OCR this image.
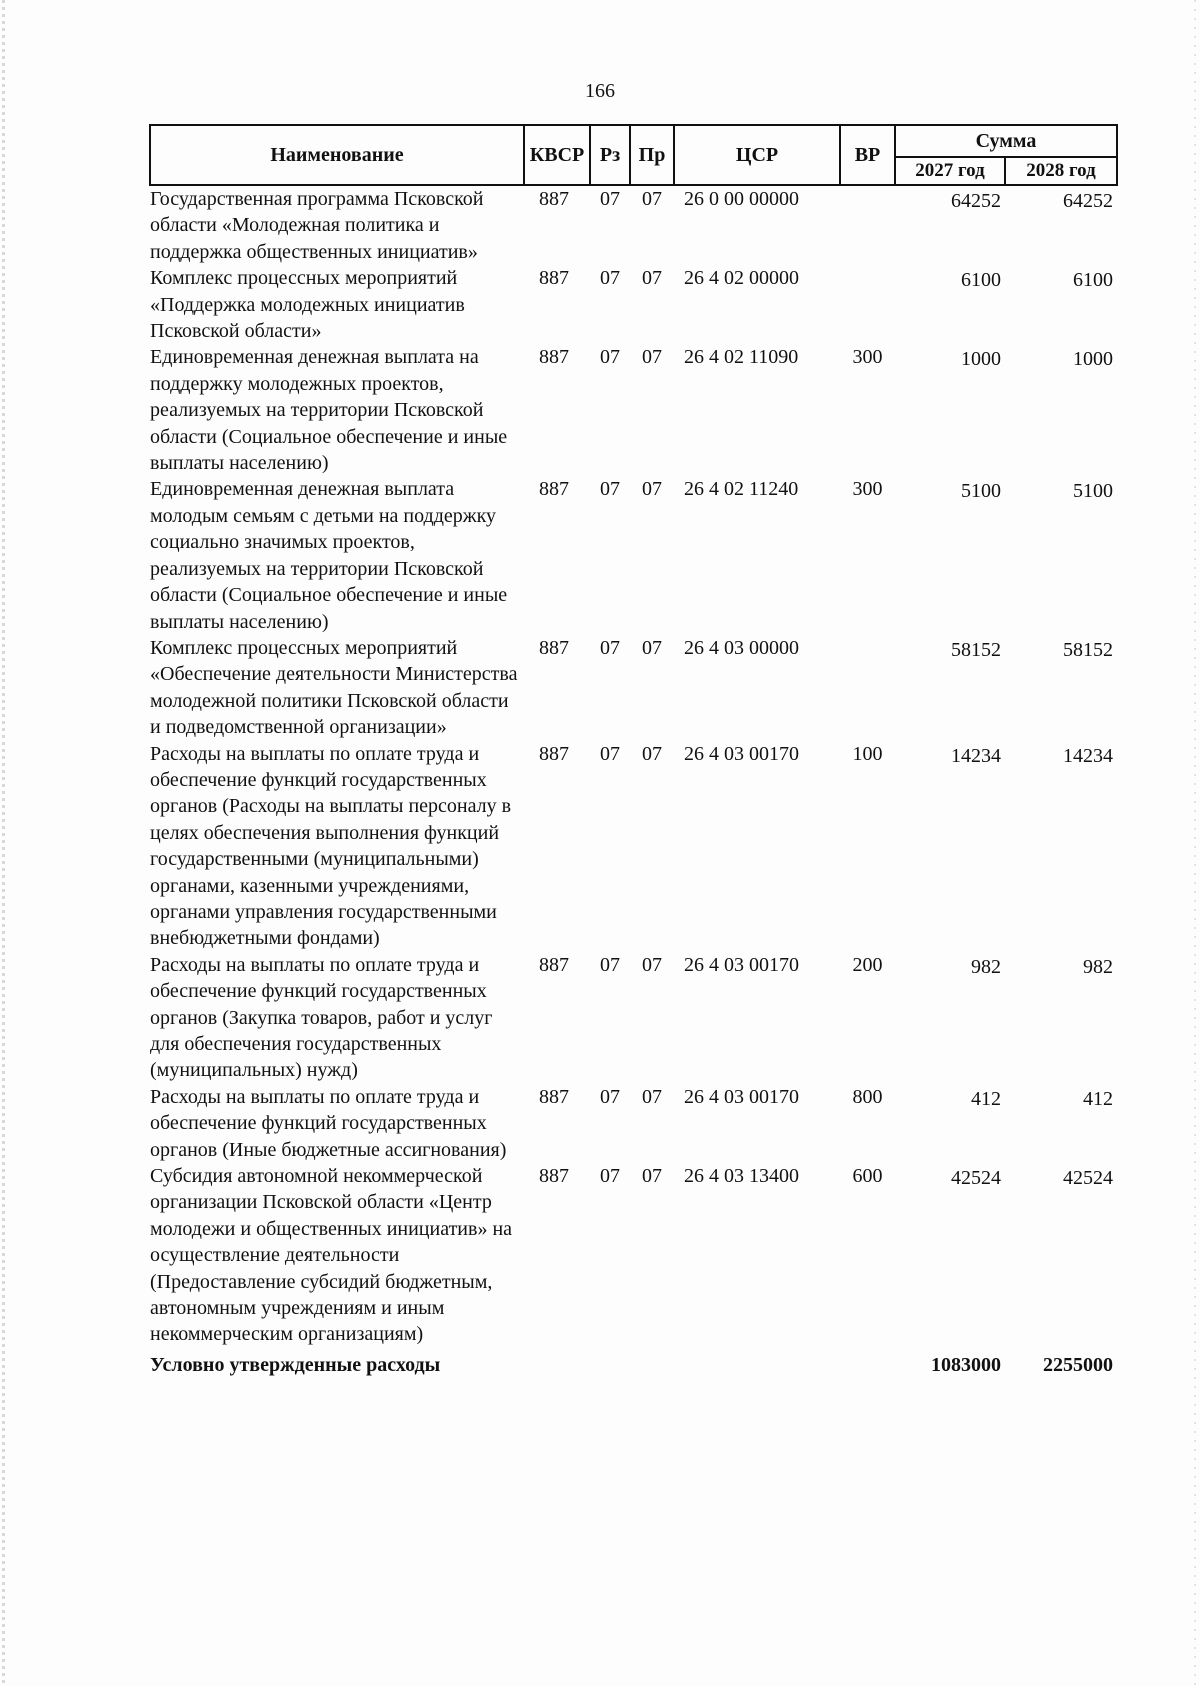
166
Наименование	КВСР	Рз	Пр	ЦСР	ВР	Сумма	
						2027 год	2028 год
Государственная программа Псковской области «Молодежная политика и поддержка общественных инициатив»	887	07	07	26 0 00 00000		64252	64252
Комплекс процессных мероприятий «Поддержка молодежных инициатив Псковской области»	887	07	07	26 4 02 00000		6100	6100
Единовременная денежная выплата на поддержку молодежных проектов, реализуемых на территории Псковской области (Социальное обеспечение и иные выплаты населению)	887	07	07	26 4 02 11090	300	1000	1000
Единовременная денежная выплата молодым семьям с детьми на поддержку социально значимых проектов, реализуемых на территории Псковской области (Социальное обеспечение и иные выплаты населению)	887	07	07	26 4 02 11240	300	5100	5100
Комплекс процессных мероприятий «Обеспечение деятельности Министерства молодежной политики Псковской области и подведомственной организации»	887	07	07	26 4 03 00000		58152	58152
Расходы на выплаты по оплате труда и обеспечение функций государственных органов (Расходы на выплаты персоналу в целях обеспечения выполнения функций государственными (муниципальными) органами, казенными учреждениями, органами управления государственными внебюджетными фондами)	887	07	07	26 4 03 00170	100	14234	14234
Расходы на выплаты по оплате труда и обеспечение функций государственных органов (Закупка товаров, работ и услуг для обеспечения государственных (муниципальных) нужд)	887	07	07	26 4 03 00170	200	982	982
Расходы на выплаты по оплате труда и обеспечение функций государственных органов (Иные бюджетные ассигнования)	887	07	07	26 4 03 00170	800	412	412
Субсидия автономной некоммерческой организации Псковской области «Центр молодежи и общественных инициатив» на осуществление деятельности (Предоставление субсидий бюджетным, автономным учреждениям и иным некоммерческим организациям)	887	07	07	26 4 03 13400	600	42524	42524
Условно утвержденные расходы						1083000	2255000
